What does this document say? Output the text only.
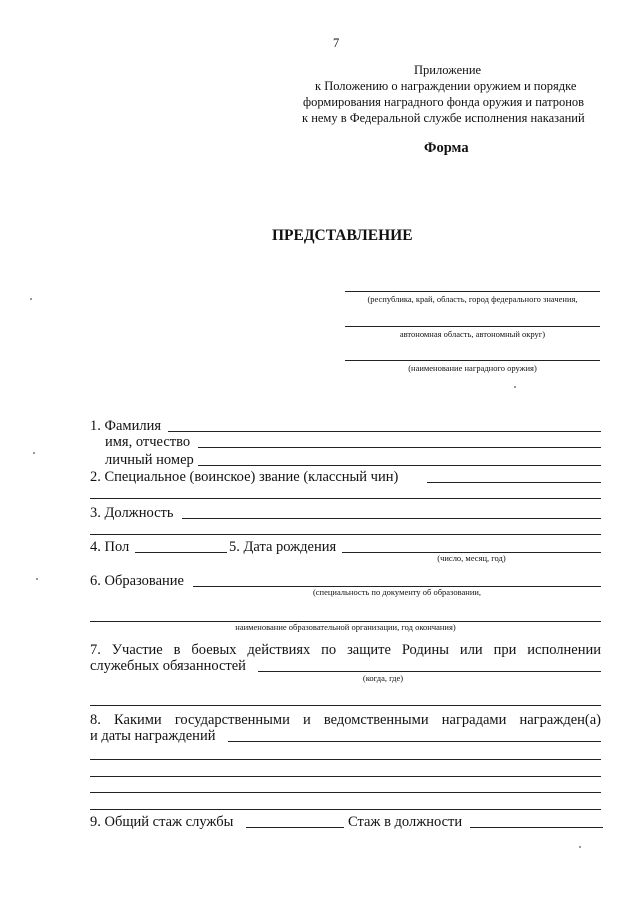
7
Приложение
к Положению о награждении оружием и порядке
формирования наградного фонда оружия и патронов
к нему в Федеральной службе исполнения наказаний
Форма
ПРЕДСТАВЛЕНИЕ
(республика, край, область, город федерального значения,
автономная область, автономный округ)
(наименование наградного оружия)
1. Фамилия
имя, отчество
личный номер
2. Специальное (воинское) звание (классный чин)
3. Должность
4. Пол	5. Дата рождения
(число, месяц, год)
6. Образование
(специальность по документу об образовании,
наименование образовательной организации, год окончания)
7. Участие в боевых действиях по защите Родины или при исполнении
служебных обязанностей
(когда, где)
8. Какими государственными и ведомственными наградами награжден(а)
и даты награждений
9. Общий стаж службы	Стаж в должности
